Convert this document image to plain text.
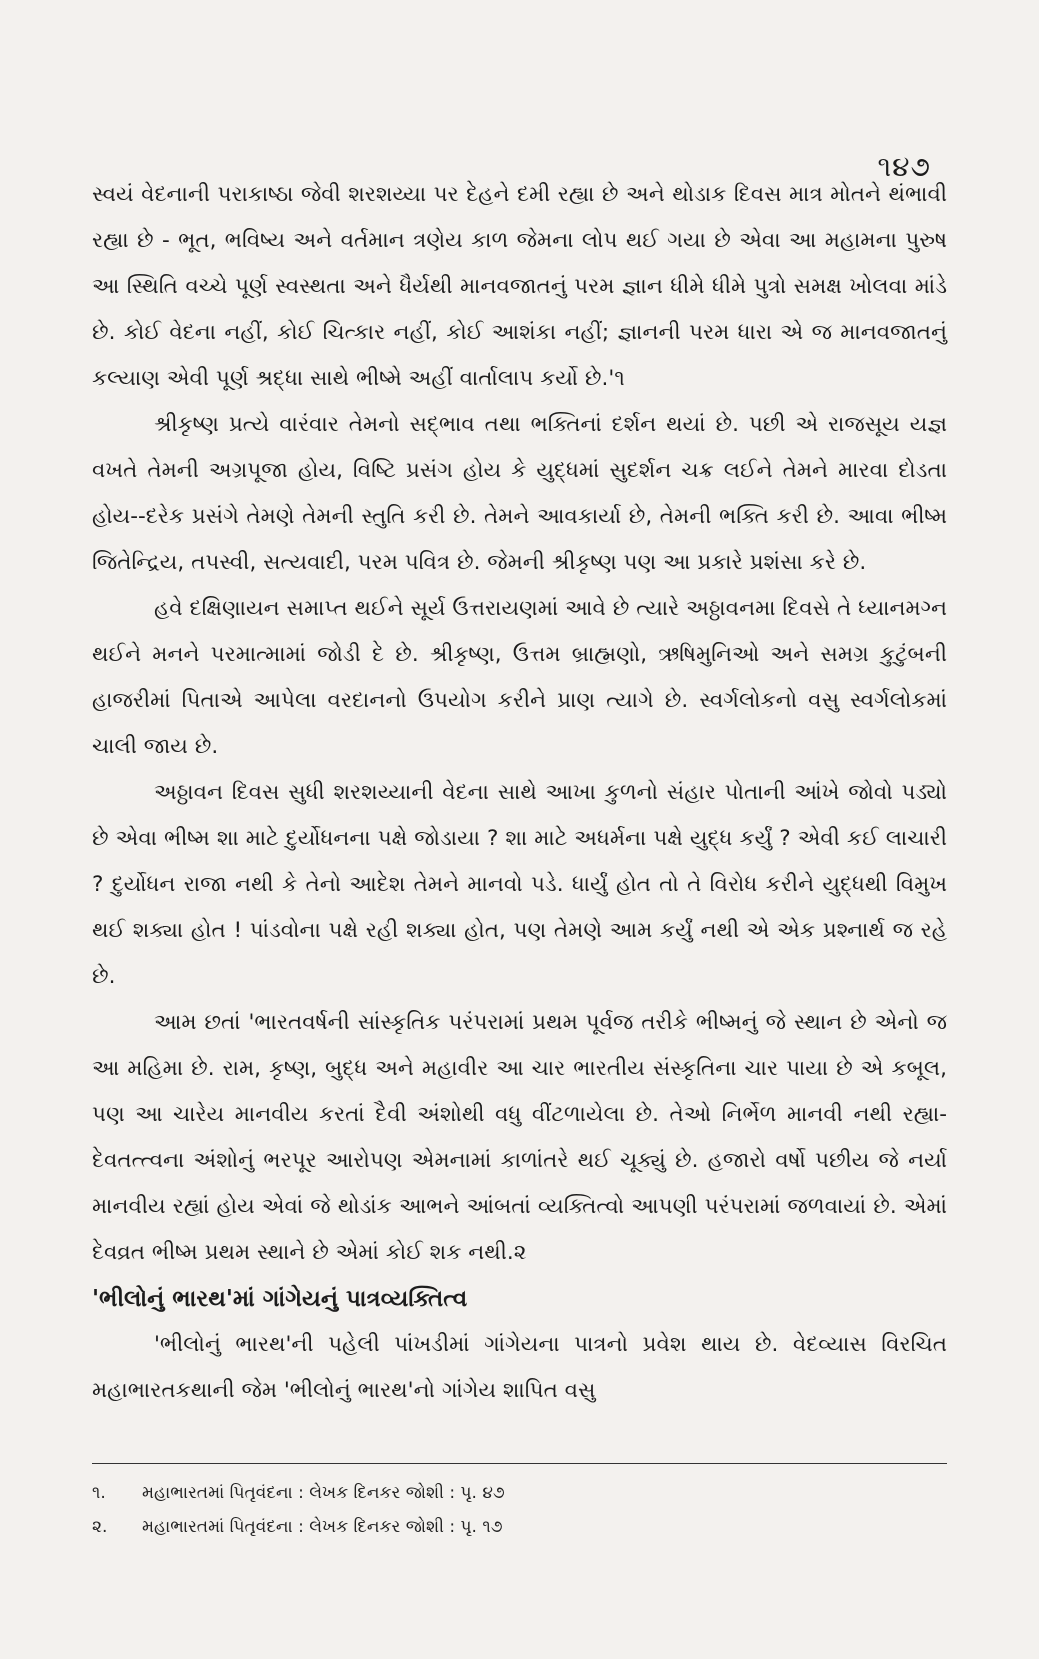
૧૪૭

સ્વયં વેદનાની પરાકાષ્ઠા જેવી શરશય્યા પર દેહને દમી રહ્યા છે અને થોડાક દિવસ માત્ર મોતને થંભાવી રહ્યા છે - ભૂત, ભવિષ્ય અને વર્તમાન ત્રણેય કાળ જેમના લોપ થઈ ગયા છે એવા આ મહામના પુરુષ આ સ્થિતિ વચ્ચે પૂર્ણ સ્વસ્થતા અને ધૈર્યથી માનવજાતનું પરમ જ્ઞાન ધીમે ધીમે પુત્રો સમક્ષ ખોલવા માંડે છે. કોઈ વેદના નહીં, કોઈ ચિત્કાર નહીં, કોઈ આશંકા નહીં; જ્ઞાનની પરમ ધારા એ જ માનવજાતનું કલ્યાણ એવી પૂર્ણ શ્રદ્ધા સાથે ભીષ્મે અહીં વાર્તાલાપ કર્યો છે.'૧

શ્રીકૃષ્ણ પ્રત્યે વારંવાર તેમનો સદ્‌ભાવ તથા ભક્તિનાં દર્શન થયાં છે. પછી એ રાજસૂય યજ્ઞ વખતે તેમની અગ્રપૂજા હોય, વિષ્ટિ પ્રસંગ હોય કે યુદ્ધમાં સુદર્શન ચક્ર લઈને તેમને મારવા દોડતા હોય--દરેક પ્રસંગે તેમણે તેમની સ્તુતિ કરી છે. તેમને આવકાર્યા છે, તેમની ભક્તિ કરી છે. આવા ભીષ્મ જિતેન્દ્રિય, તપસ્વી, સત્યવાદી, પરમ પવિત્ર છે. જેમની શ્રીકૃષ્ણ પણ આ પ્રકારે પ્રશંસા કરે છે.

હવે દક્ષિણાયન સમાપ્ત થઈને સૂર્ય ઉત્તરાયણમાં આવે છે ત્યારે અઠ્ઠાવનમા દિવસે તે ધ્યાનમગ્ન થઈને મનને પરમાત્મામાં જોડી દે છે. શ્રીકૃષ્ણ, ઉત્તમ બ્રાહ્મણો, ઋષિમુનિઓ અને સમગ્ર કુટુંબની હાજરીમાં પિતાએ આપેલા વરદાનનો ઉપયોગ કરીને પ્રાણ ત્યાગે છે. સ્વર્ગલોકનો વસુ સ્વર્ગલોકમાં ચાલી જાય છે.

અઠ્ઠાવન દિવસ સુધી શરશય્યાની વેદના સાથે આખા કુળનો સંહાર પોતાની આંખે જોવો પડ્યો છે એવા ભીષ્મ શા માટે દુર્યોધનના પક્ષે જોડાયા ? શા માટે અધર્મના પક્ષે યુદ્ધ કર્યું ? એવી કઈ લાચારી ? દુર્યોધન રાજા નથી કે તેનો આદેશ તેમને માનવો પડે. ધાર્યું હોત તો તે વિરોધ કરીને યુદ્ધથી વિમુખ થઈ શક્યા હોત ! પાંડવોના પક્ષે રહી શક્યા હોત, પણ તેમણે આમ કર્યું નથી એ એક પ્રશ્નાર્થ જ રહે છે.

આમ છતાં 'ભારતવર્ષની સાંસ્કૃતિક પરંપરામાં પ્રથમ પૂર્વજ તરીકે ભીષ્મનું જે સ્થાન છે એનો જ આ મહિમા છે. રામ, કૃષ્ણ, બુદ્ધ અને મહાવીર આ ચાર ભારતીય સંસ્કૃતિના ચાર પાયા છે એ કબૂલ, પણ આ ચારેય માનવીય કરતાં દૈવી અંશોથી વધુ વીંટળાયેલા છે. તેઓ નિર્ભેળ માનવી નથી રહ્યા-દેવતત્ત્વના અંશોનું ભરપૂર આરોપણ એમનામાં કાળાંતરે થઈ ચૂક્યું છે. હજારો વર્ષો પછીય જે નર્યા માનવીય રહ્યાં હોય એવાં જે થોડાંક આભને આંબતાં વ્યક્તિત્વો આપણી પરંપરામાં જળવાયાં છે. એમાં દેવવ્રત ભીષ્મ પ્રથમ સ્થાને છે એમાં કોઈ શક નથી.૨

'ભીલોનું ભારથ'માં ગાંગેયનું પાત્રવ્યક્તિત્વ

'ભીલોનું ભારથ'ની પહેલી પાંખડીમાં ગાંગેયના પાત્રનો પ્રવેશ થાય છે. વેદવ્યાસ વિરચિત મહાભારતકથાની જેમ 'ભીલોનું ભારથ'નો ગાંગેય શાપિત વસુ

૧.	મહાભારતમાં પિતૃવંદના : લેખક દિનકર જોશી : પૃ. ૪૭
૨.	મહાભારતમાં પિતૃવંદના : લેખક દિનકર જોશી : પૃ. ૧૭
